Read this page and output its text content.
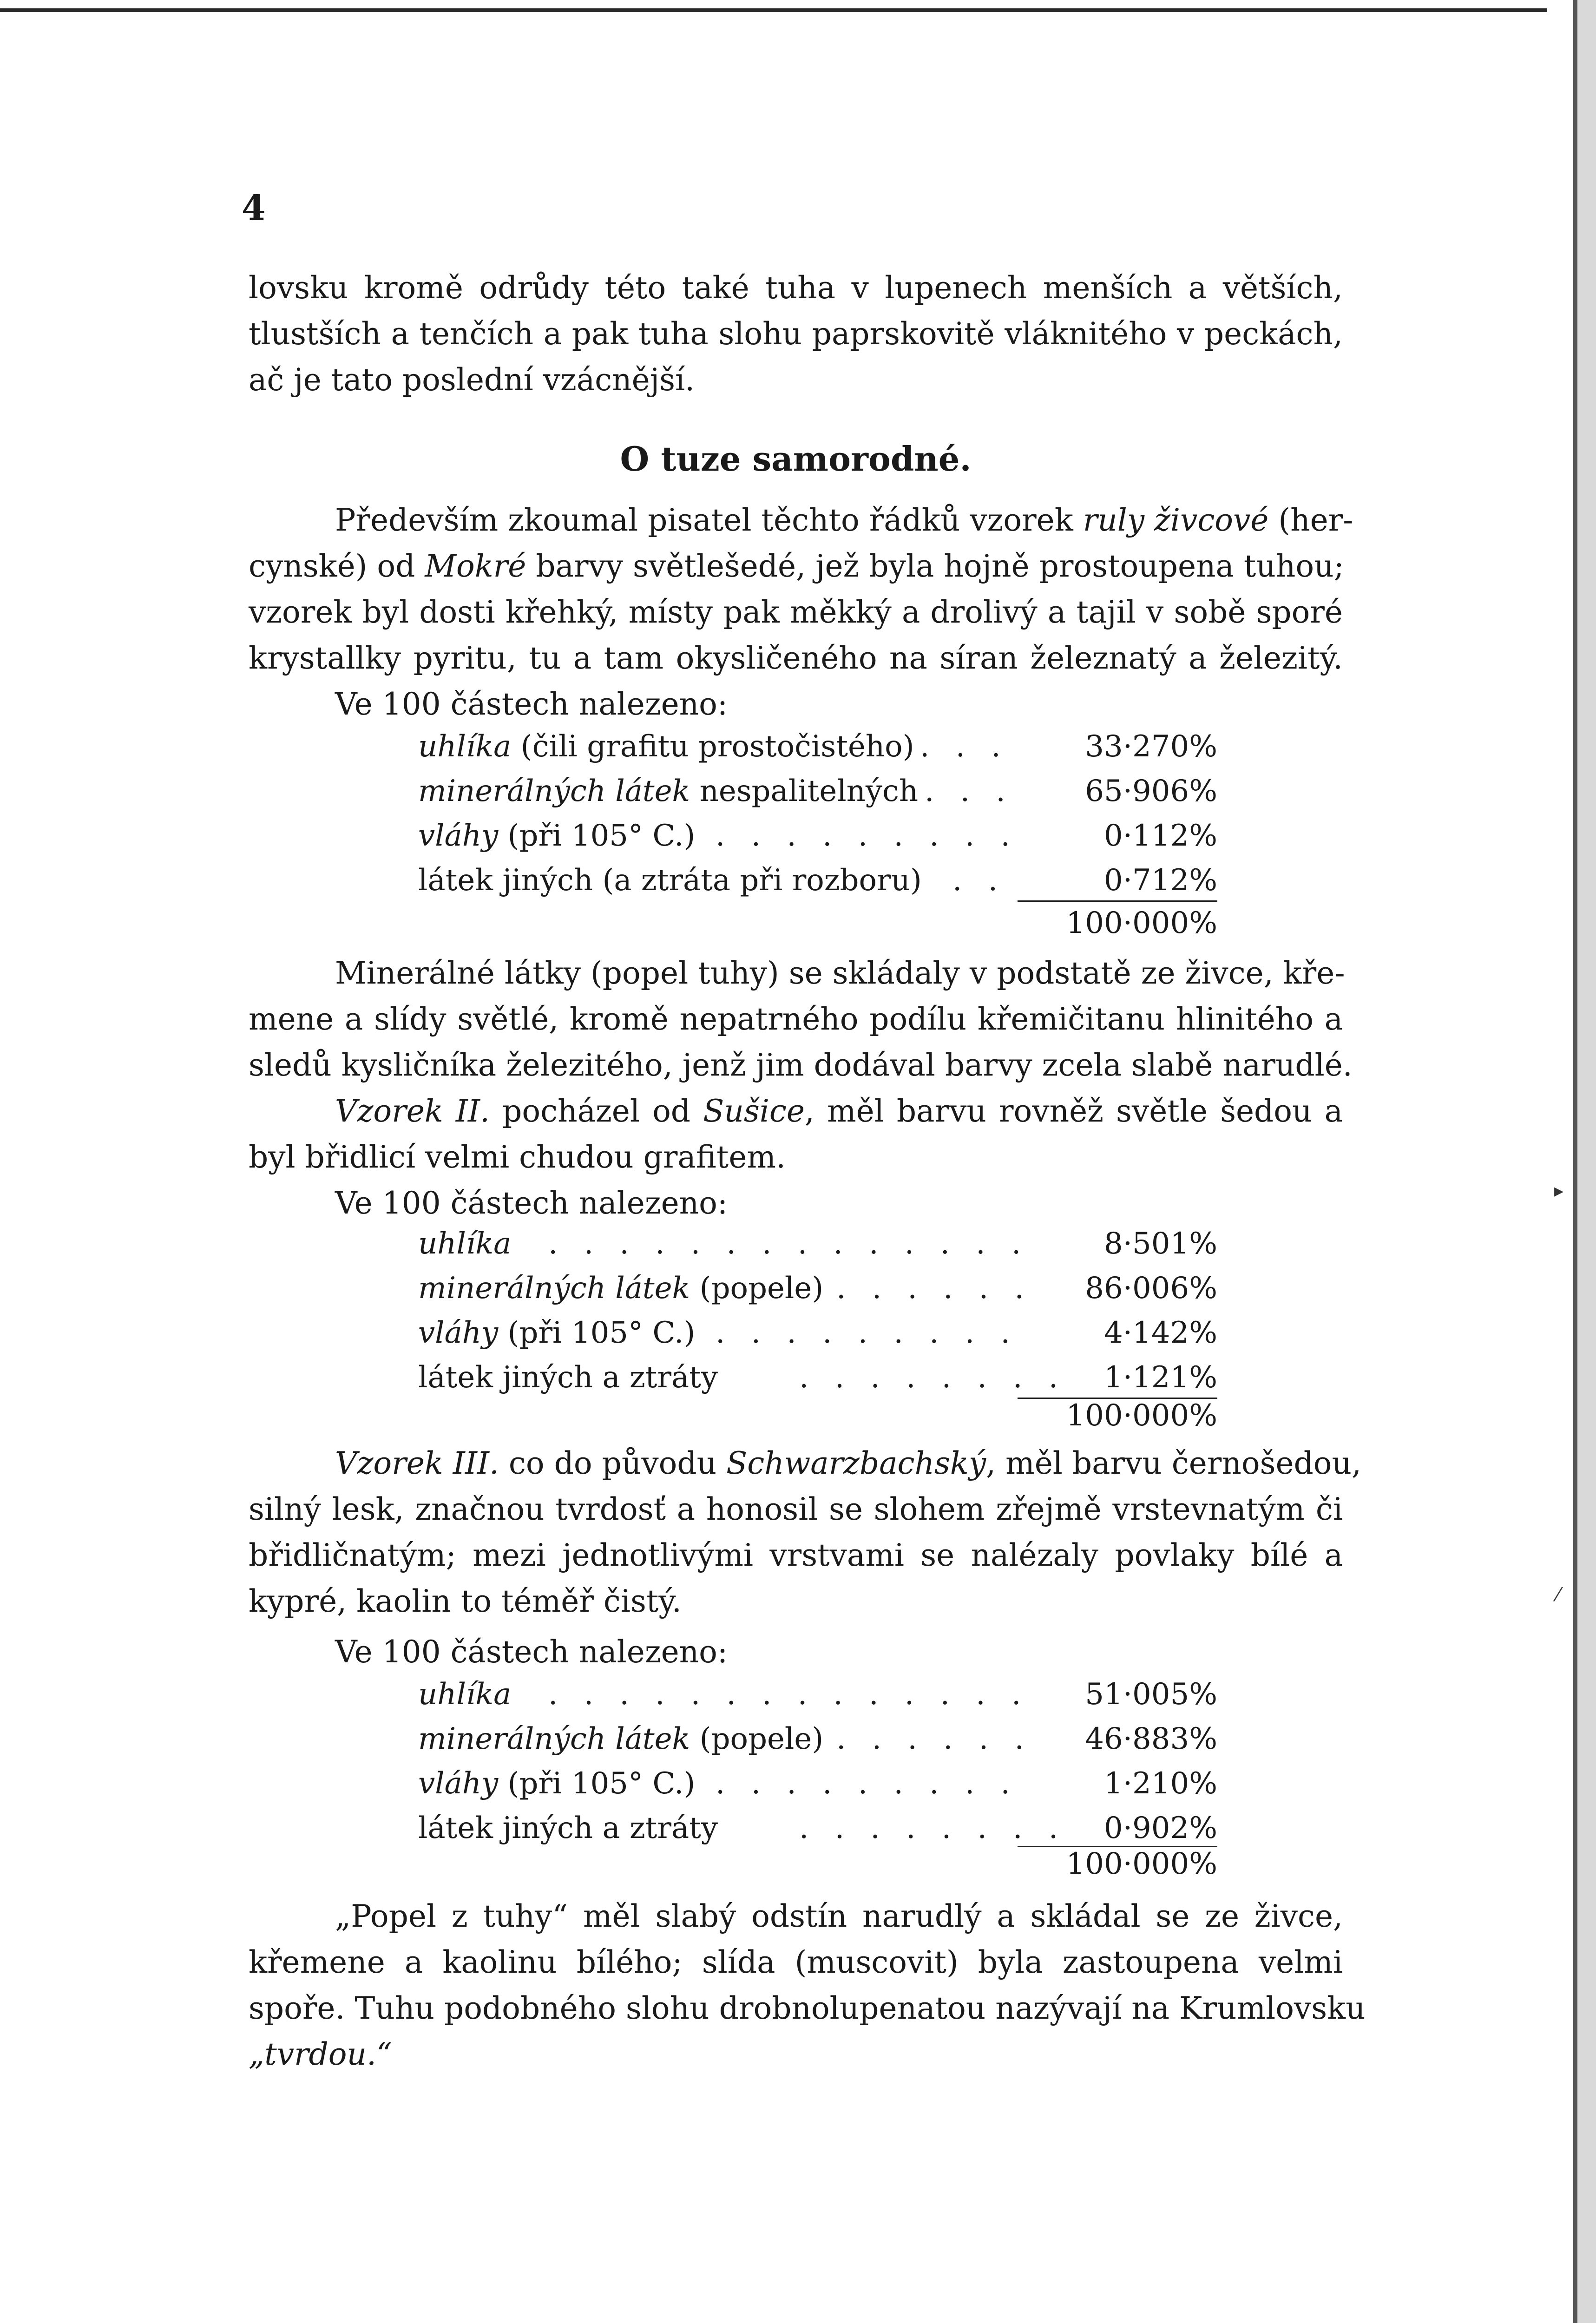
4
lovsku kromě odrůdy této také tuha v lupenech menších a větších,
tlustších a tenčích a pak tuha slohu paprskovitě vláknitého v peckách,
ač je tato poslední vzácnější.
O tuze samorodné.
Především zkoumal pisatel těchto řádků vzorek ruly živcové (her-
cynské) od Mokré barvy světlešedé, jež byla hojně prostoupena tuhou;
vzorek byl dosti křehký, místy pak měkký a drolivý a tajil v sobě sporé
krystallky pyritu, tu a tam okysličeného na síran železnatý a železitý.
Ve 100 částech nalezeno:
uhlíka (čili grafitu prostočistého) . . .	33·270%
minerálných látek nespalitelných . . . 65·906%
vláhy (při 105° C.) . . . . . . . . .	0·112%
látek jiných (a ztráta při rozboru) . .	0·712%
100·000%
Minerálné látky (popel tuhy) se skládaly v podstatě ze živce, kře-
mene a slídy světlé, kromě nepatrného podílu křemičitanu hlinitého a
sledů kysličníka železitého, jenž jim dodával barvy zcela slabě narudlé.
Vzorek II. pocházel od Sušice, měl barvu rovněž světle šedou a
byl břidlicí velmi chudou grafitem.
Ve 100 částech nalezeno:
uhlíka . . . . . . . . . . . . . .	8·501%
minerálných látek (popele) . . . . . . 86·006%
vláhy (při 105° C.) . . . . . . . . .	4·142%
látek jiných a ztráty	. . . . . . . . 1·121%
100·000%
Vzorek III. co do původu Schwarzbachský, měl barvu černošedou,
silný lesk, značnou tvrdosť a honosil se slohem zřejmě vrstevnatým či
břidličnatým; mezi jednotlivými vrstvami se nalézaly povlaky bílé a
kypré, kaolin to téměř čistý.
Ve 100 částech nalezeno:
uhlíka . . . . . . . . . . . . . . 51·005%
minerálných látek (popele) . . . . . . 46·883%
vláhy (při 105° C.) . . . . . . . . .	1·210%
látek jiných a ztráty	. . . . . . . . 0·902%
100·000%
„Popel z tuhy“ měl slabý odstín narudlý a skládal se ze živce,
křemene a kaolinu bílého; slída (muscovit) byla zastoupena velmi
spoře. Tuhu podobného slohu drobnolupenatou nazývají na Krumlovsku
„tvrdou.“
▸
⁄
